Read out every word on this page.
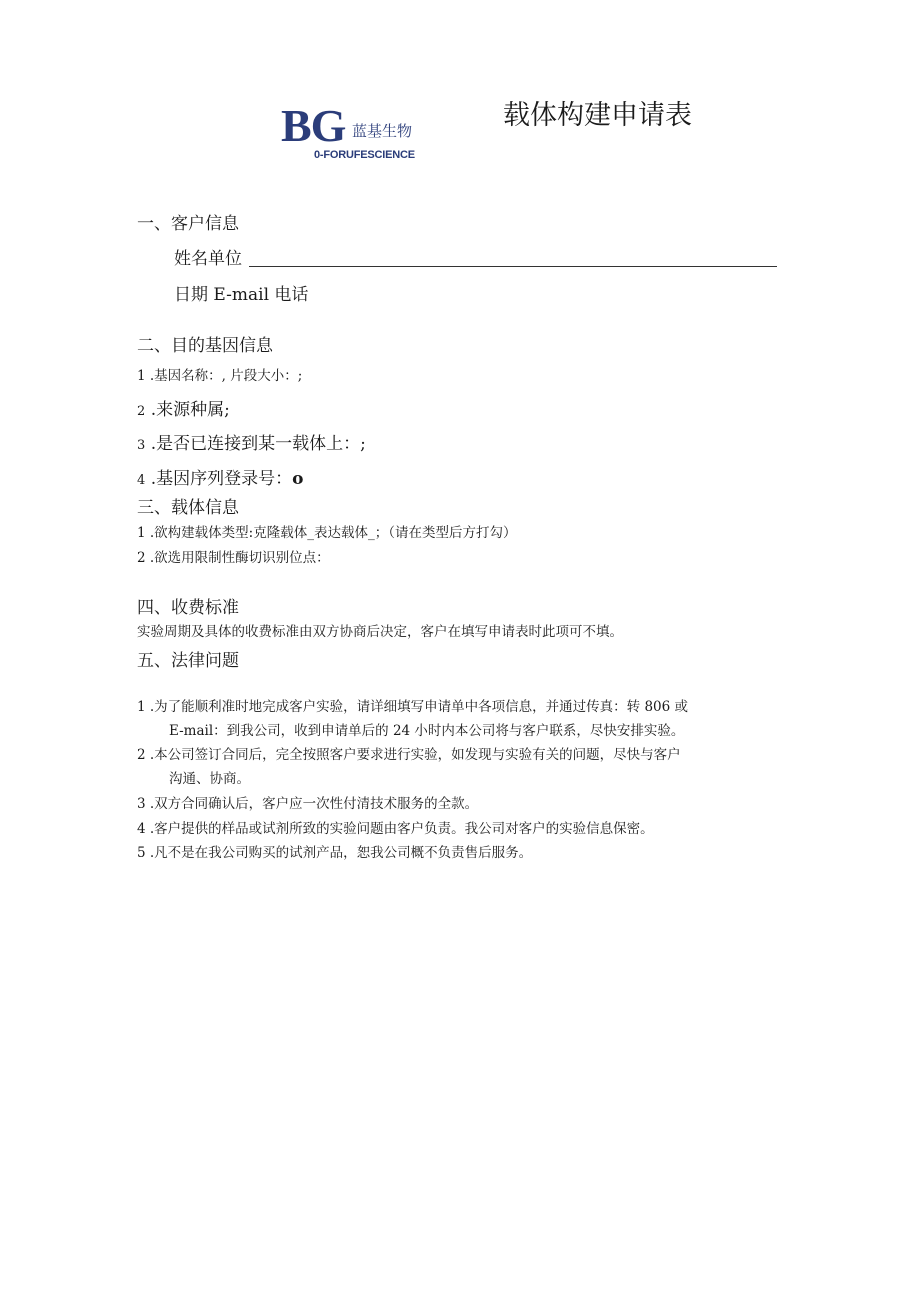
BG 蓝基生物
0-FORUFESCIENCE
载体构建申请表
一、客户信息
姓名单位
日期 E-mail 电话
二、目的基因信息
1 .基因名称：, 片段大小：;
2 .来源种属;
3 .是否已连接到某一载体上：;
4 .基因序列登录号：o
三、载体信息
1 .欲构建载体类型:克隆载体_表达载体_；（请在类型后方打勾）
2 .欲选用限制性酶切识别位点：
四、收费标准
实验周期及具体的收费标准由双方协商后决定，客户在填写申请表时此项可不填。
五、法律问题
1 .为了能顺利准时地完成客户实验，请详细填写申请单中各项信息，并通过传真：转 806 或
E-mail：到我公司，收到申请单后的 24 小时内本公司将与客户联系，尽快安排实验。
2 .本公司签订合同后，完全按照客户要求进行实验，如发现与实验有关的问题，尽快与客户
沟通、协商。
3 .双方合同确认后，客户应一次性付清技术服务的全款。
4 .客户提供的样品或试剂所致的实验问题由客户负责。我公司对客户的实验信息保密。
5 .凡不是在我公司购买的试剂产品，恕我公司概不负责售后服务。
